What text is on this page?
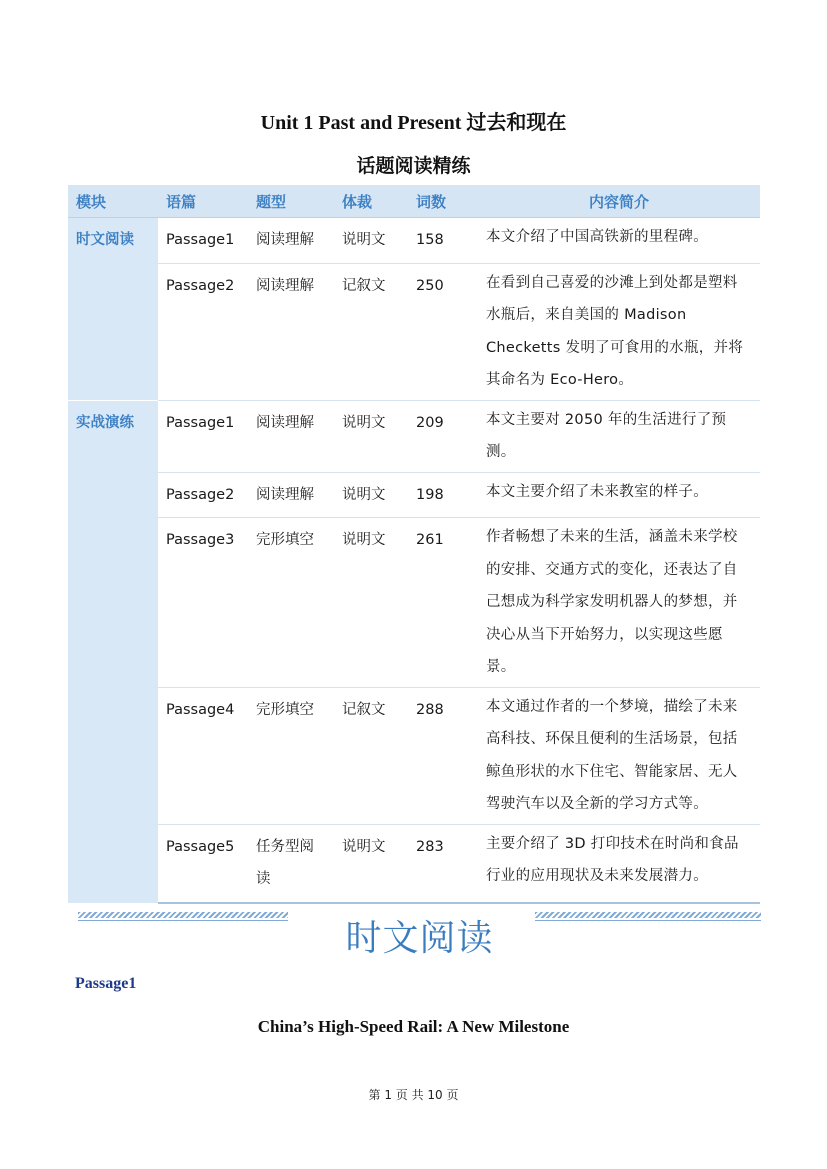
Unit 1 Past and Present 过去和现在
话题阅读精练
模块	语篇	题型	体裁	词数	内容简介
时文阅读	Passage1	阅读理解	说明文	158	本文介绍了中国高铁新的里程碑。
	Passage2	阅读理解	记叙文	250	在看到自己喜爱的沙滩上到处都是塑料水瓶后，来自美国的 Madison Checketts 发明了可食用的水瓶，并将其命名为 Eco-Hero。
实战演练	Passage1	阅读理解	说明文	209	本文主要对 2050 年的生活进行了预测。
	Passage2	阅读理解	说明文	198	本文主要介绍了未来教室的样子。
	Passage3	完形填空	说明文	261	作者畅想了未来的生活，涵盖未来学校的安排、交通方式的变化，还表达了自己想成为科学家发明机器人的梦想，并决心从当下开始努力，以实现这些愿景。
	Passage4	完形填空	记叙文	288	本文通过作者的一个梦境，描绘了未来高科技、环保且便利的生活场景，包括鲸鱼形状的水下住宅、智能家居、无人驾驶汽车以及全新的学习方式等。
	Passage5	任务型阅读	说明文	283	主要介绍了 3D 打印技术在时尚和食品行业的应用现状及未来发展潜力。
时文阅读
Passage1
China’s High-Speed Rail: A New Milestone
第 1 页 共 10 页
